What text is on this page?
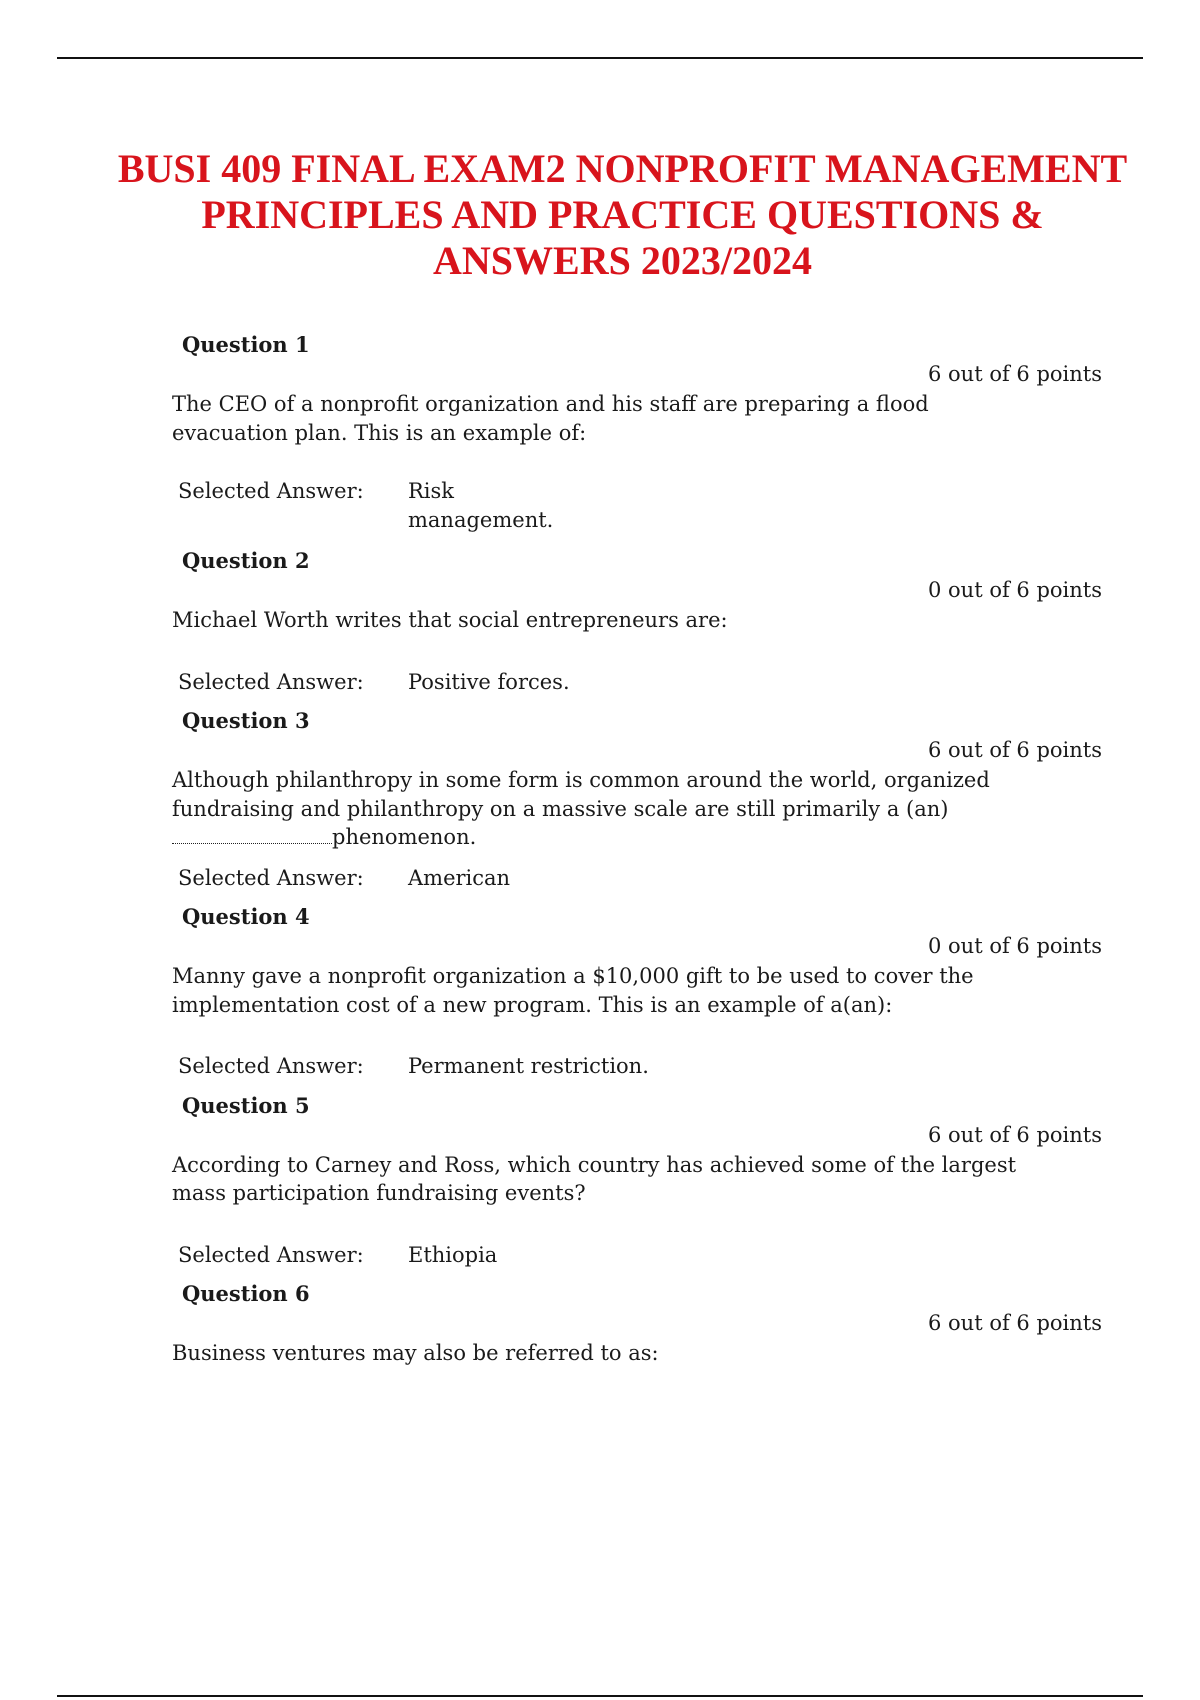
BUSI 409 FINAL EXAM2 NONPROFIT MANAGEMENT PRINCIPLES AND PRACTICE QUESTIONS & ANSWERS 2023/2024
Question 1
6 out of 6 points
The CEO of a nonprofit organization and his staff are preparing a flood evacuation plan. This is an example of:
Selected Answer:	Risk management.
Question 2
0 out of 6 points
Michael Worth writes that social entrepreneurs are:
Selected Answer:	Positive forces.
Question 3
6 out of 6 points
Although philanthropy in some form is common around the world, organized fundraising and philanthropy on a massive scale are still primarily a (an)phenomenon.
Selected Answer:	American
Question 4
0 out of 6 points
Manny gave a nonprofit organization a $10,000 gift to be used to cover the implementation cost of a new program. This is an example of a(an):
Selected Answer:	Permanent restriction.
Question 5
6 out of 6 points
According to Carney and Ross, which country has achieved some of the largest mass participation fundraising events?
Selected Answer:	Ethiopia
Question 6
6 out of 6 points
Business ventures may also be referred to as:
